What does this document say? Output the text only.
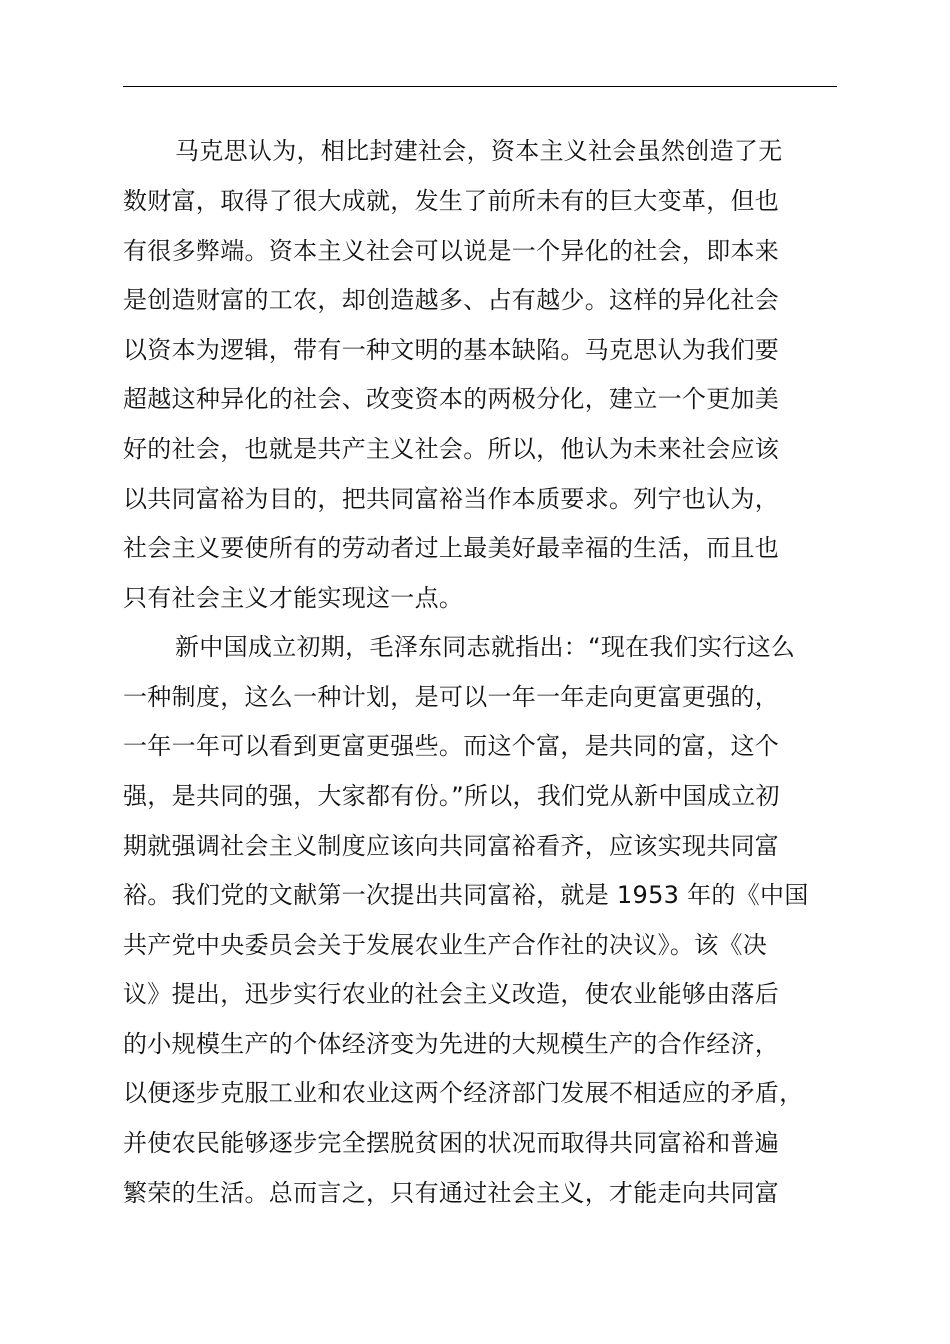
马克思认为，相比封建社会，资本主义社会虽然创造了无
数财富，取得了很大成就，发生了前所未有的巨大变革，但也
有很多弊端。资本主义社会可以说是一个异化的社会，即本来
是创造财富的工农，却创造越多、占有越少。这样的异化社会
以资本为逻辑，带有一种文明的基本缺陷。马克思认为我们要
超越这种异化的社会、改变资本的两极分化，建立一个更加美
好的社会，也就是共产主义社会。所以，他认为未来社会应该
以共同富裕为目的，把共同富裕当作本质要求。列宁也认为，
社会主义要使所有的劳动者过上最美好最幸福的生活，而且也
只有社会主义才能实现这一点。
新中国成立初期，毛泽东同志就指出：“现在我们实行这么
一种制度，这么一种计划，是可以一年一年走向更富更强的，
一年一年可以看到更富更强些。而这个富，是共同的富，这个
强，是共同的强，大家都有份。”所以，我们党从新中国成立初
期就强调社会主义制度应该向共同富裕看齐，应该实现共同富
裕。我们党的文献第一次提出共同富裕，就是 1953 年的《中国
共产党中央委员会关于发展农业生产合作社的决议》。该《决
议》提出，迅步实行农业的社会主义改造，使农业能够由落后
的小规模生产的个体经济变为先进的大规模生产的合作经济，
以便逐步克服工业和农业这两个经济部门发展不相适应的矛盾，
并使农民能够逐步完全摆脱贫困的状况而取得共同富裕和普遍
繁荣的生活。总而言之，只有通过社会主义，才能走向共同富
